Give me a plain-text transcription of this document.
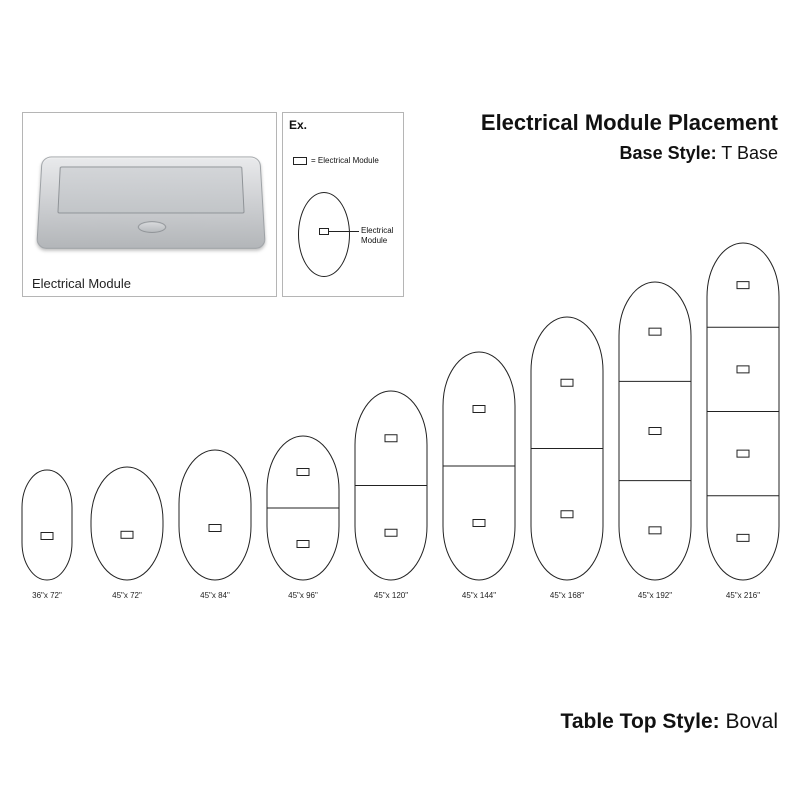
Electrical Module
Ex.
= Electrical Module
Electrical Module
Electrical Module Placement
Base Style: T Base
36"x 72"	45"x 72"	45"x 84"	45"x 96"	45"x 120"	45"x 144"	45"x 168"	45"x 192"	45"x 216"
Table Top Style: Boval
